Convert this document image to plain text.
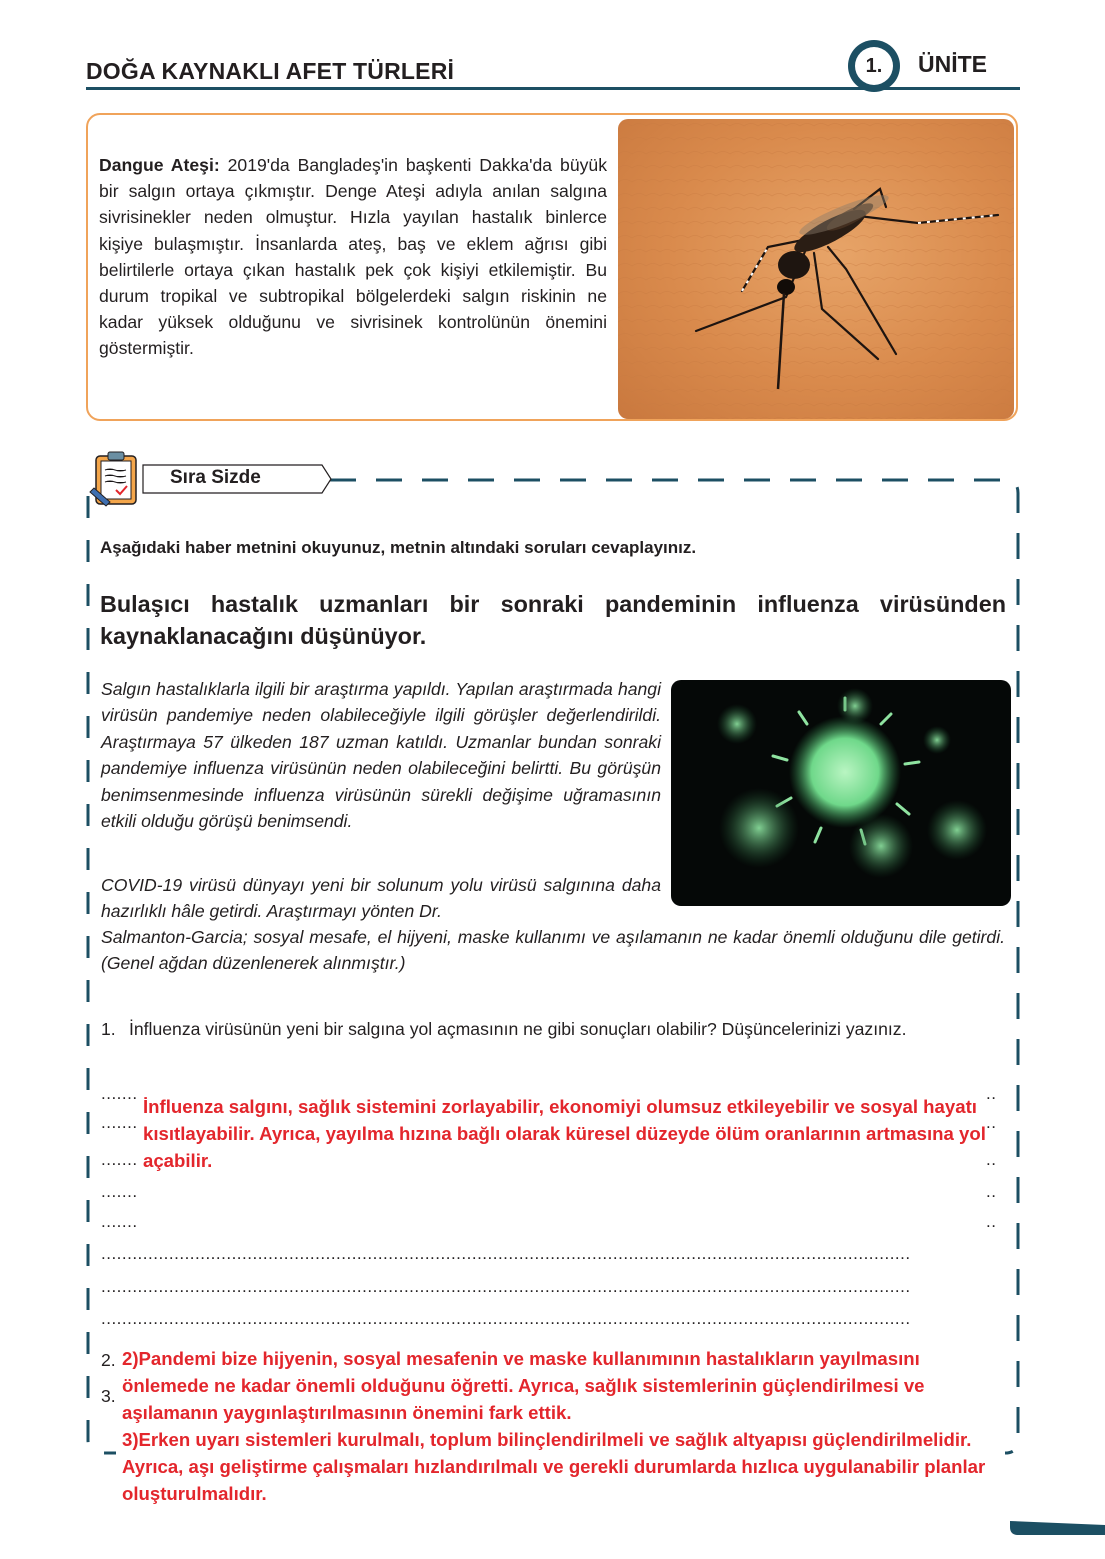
DOĞA KAYNAKLI AFET TÜRLERİ	1.	ÜNİTE
Dangue Ateşi: 2019'da Bangladeş'in başkenti Dakka'da büyük bir salgın ortaya çıkmıştır. Denge Ateşi adıyla anılan salgına sivrisinekler neden olmuştur. Hızla yayılan hastalık binlerce kişiye bulaşmıştır. İnsanlarda ateş, baş ve eklem ağrısı gibi belirtilerle ortaya çıkan hastalık pek çok kişiyi etkilemiştir. Bu durum tropikal ve subtropikal bölgelerdeki salgın riskinin ne kadar yüksek olduğunu ve sivrisinek kontrolünün önemini göstermiştir.
Sıra Sizde
Aşağıdaki haber metnini okuyunuz, metnin altındaki soruları cevaplayınız.
Bulaşıcı hastalık uzmanları bir sonraki pandeminin influenza virüsünden kaynaklanacağını düşünüyor.
Salgın hastalıklarla ilgili bir araştırma yapıldı. Yapılan araştırmada hangi virüsün pandemiye neden olabileceğiyle ilgili görüşler değerlendirildi. Araştırmaya 57 ülkeden 187 uzman katıldı. Uzmanlar bundan sonraki pandemiye influenza virüsünün neden olabileceğini belirtti. Bu görüşün benimsenmesinde influenza virüsünün sürekli değişime uğramasının etkili olduğu görüşü benimsendi.
COVID-19 virüsü dünyayı yeni bir solunum yolu virüsü salgınına daha hazırlıklı hâle getirdi. Araştırmayı yönten Dr.
Salmanton-Garcia; sosyal mesafe, el hijyeni, maske kullanımı ve aşılamanın ne kadar önemli olduğunu dile getirdi. (Genel ağdan düzenlenerek alınmıştır.)
1. İnfluenza virüsünün yeni bir salgına yol açmasının ne gibi sonuçları olabilir? Düşüncelerinizi yazınız.
.......
.......
.......
.......
.......
..
..
..
..
..
...........................................................................................................................................................
...........................................................................................................................................................
...........................................................................................................................................................
İnfluenza salgını, sağlık sistemini zorlayabilir, ekonomiyi olumsuz etkileyebilir ve sosyal hayatı kısıtlayabilir. Ayrıca, yayılma hızına bağlı olarak küresel düzeyde ölüm oranlarının artmasına yol açabilir.
2.
3.
2)Pandemi bize hijyenin, sosyal mesafenin ve maske kullanımının hastalıkların yayılmasını önlemede ne kadar önemli olduğunu öğretti. Ayrıca, sağlık sistemlerinin güçlendirilmesi ve aşılamanın yaygınlaştırılmasının önemini fark ettik.
3)Erken uyarı sistemleri kurulmalı, toplum bilinçlendirilmeli ve sağlık altyapısı güçlendirilmelidir. Ayrıca, aşı geliştirme çalışmaları hızlandırılmalı ve gerekli durumlarda hızlıca uygulanabilir planlar oluşturulmalıdır.
